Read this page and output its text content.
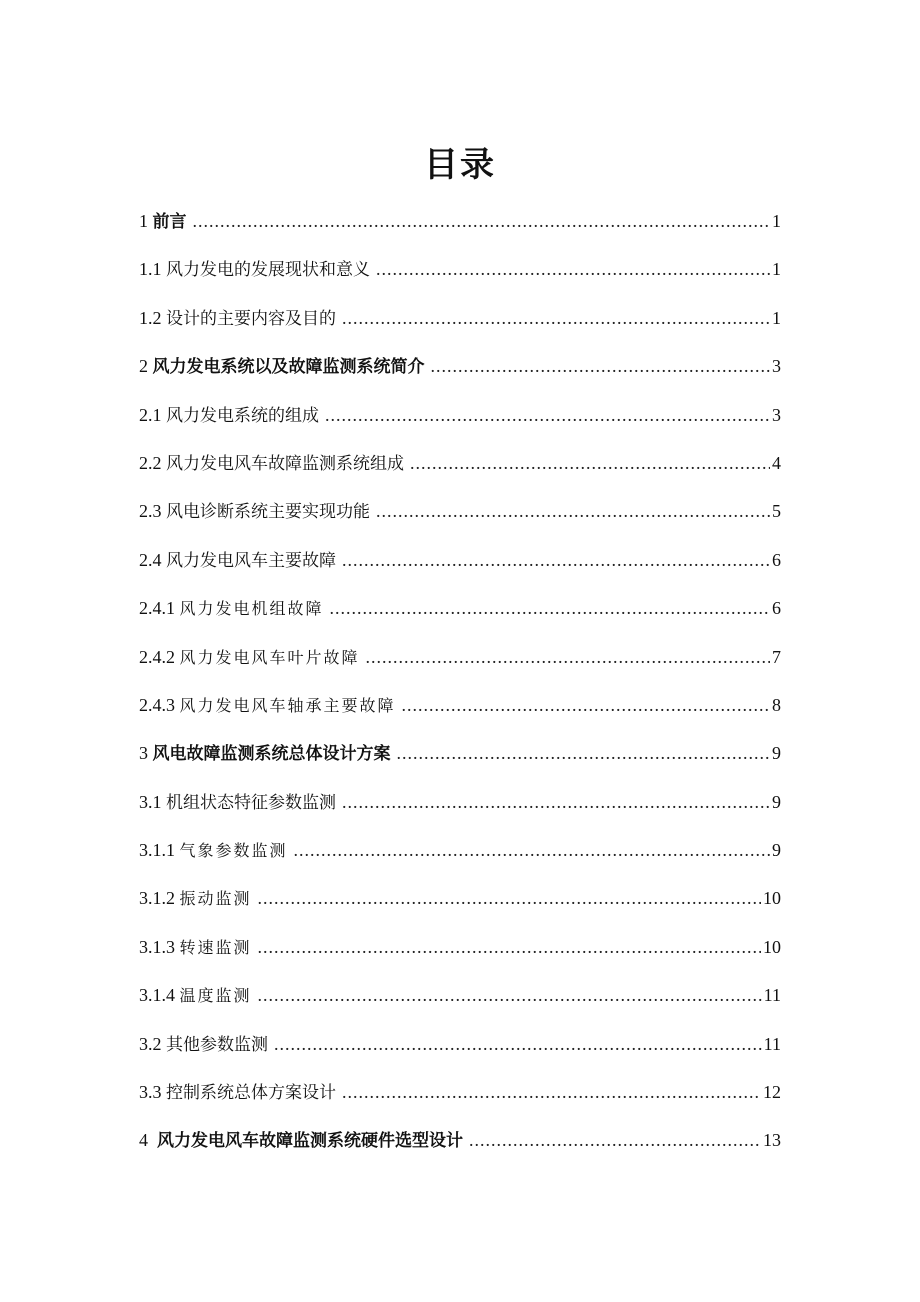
目录
1 前言 .....	1
1.1 风力发电的发展现状和意义 .....	1
1.2 设计的主要内容及目的 .....	1
2 风力发电系统以及故障监测系统简介 .....	3
2.1 风力发电系统的组成 .....	3
2.2 风力发电风车故障监测系统组成 .....	4
2.3 风电诊断系统主要实现功能 .....	5
2.4 风力发电风车主要故障 .....	6
2.4.1 风力发电机组故障 .....	6
2.4.2 风力发电风车叶片故障 .....	7
2.4.3 风力发电风车轴承主要故障 .....	8
3 风电故障监测系统总体设计方案 .....	9
3.1 机组状态特征参数监测 .....	9
3.1.1 气象参数监测 .....	9
3.1.2 振动监测 .....	10
3.1.3 转速监测 .....	10
3.1.4 温度监测 .....	11
3.2 其他参数监测 .....	11
3.3 控制系统总体方案设计 .....	12
4  风力发电风车故障监测系统硬件选型设计 .....	13
